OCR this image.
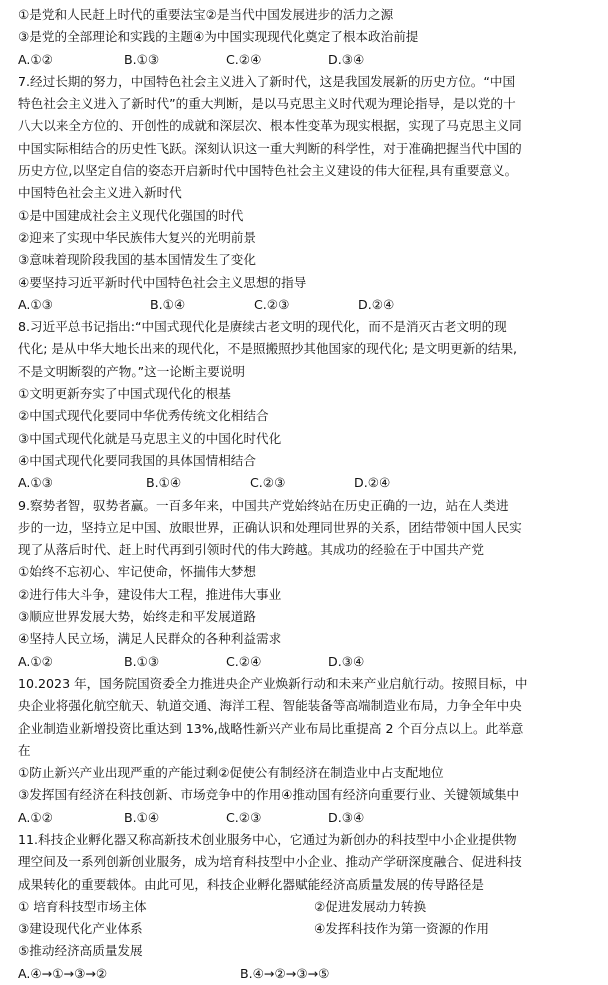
①是党和人民赶上时代的重要法宝②是当代中国发展进步的活力之源
③是党的全部理论和实践的主题④为中国实现现代化奠定了根本政治前提
A.①②	B.①③	C.②④	D.③④
7.经过长期的努力，中国特色社会主义进入了新时代，这是我国发展新的历史方位。“中国
特色社会主义进入了新时代”的重大判断，是以马克思主义时代观为理论指导，是以党的十
八大以来全方位的、开创性的成就和深层次、根本性变革为现实根据，实现了马克思主义同
中国实际相结合的历史性飞跃。深刻认识这一重大判断的科学性，对于准确把握当代中国的
历史方位,以坚定自信的姿态开启新时代中国特色社会主义建设的伟大征程,具有重要意义。
中国特色社会主义进入新时代
①是中国建成社会主义现代化强国的时代
②迎来了实现中华民族伟大复兴的光明前景
③意味着现阶段我国的基本国情发生了变化
④要坚持习近平新时代中国特色社会主义思想的指导
A.①③	B.①④	C.②③	D.②④
8.习近平总书记指出:“中国式现代化是赓续古老文明的现代化，而不是消灭古老文明的现
代化; 是从中华大地长出来的现代化，不是照搬照抄其他国家的现代化; 是文明更新的结果,
不是文明断裂的产物。”这一论断主要说明
①文明更新夯实了中国式现代化的根基
②中国式现代化要同中华优秀传统文化相结合
③中国式现代化就是马克思主义的中国化时代化
④中国式现代化要同我国的具体国情相结合
A.①③	B.①④	C.②③	D.②④
9.察势者智，驭势者赢。一百多年来，中国共产党始终站在历史正确的一边，站在人类进
步的一边，坚持立足中国、放眼世界，正确认识和处理同世界的关系，团结带领中国人民实
现了从落后时代、赶上时代再到引领时代的伟大跨越。其成功的经验在于中国共产党
①始终不忘初心、牢记使命，怀揣伟大梦想
②进行伟大斗争，建设伟大工程，推进伟大事业
③顺应世界发展大势，始终走和平发展道路
④坚持人民立场，满足人民群众的各种利益需求
A.①②	B.①③	C.②④	D.③④
10.2023 年，国务院国资委全力推进央企产业焕新行动和未来产业启航行动。按照目标，中
央企业将强化航空航天、轨道交通、海洋工程、智能装备等高端制造业布局，力争全年中央
企业制造业新增投资比重达到 13%,战略性新兴产业布局比重提高 2 个百分点以上。此举意
在
①防止新兴产业出现严重的产能过剩②促使公有制经济在制造业中占支配地位
③发挥国有经济在科技创新、市场竞争中的作用④推动国有经济向重要行业、关键领域集中
A.①②	B.①④	C.②③	D.③④
11.科技企业孵化器又称高新技术创业服务中心，它通过为新创办的科技型中小企业提供物
理空间及一系列创新创业服务，成为培育科技型中小企业、推动产学研深度融合、促进科技
成果转化的重要载体。由此可见，科技企业孵化器赋能经济高质量发展的传导路径是
① 培育科技型市场主体	②促进发展动力转换
③建设现代化产业体系	④发挥科技作为第一资源的作用
⑤推动经济高质量发展
A.④→①→③→②	B.④→②→③→⑤
